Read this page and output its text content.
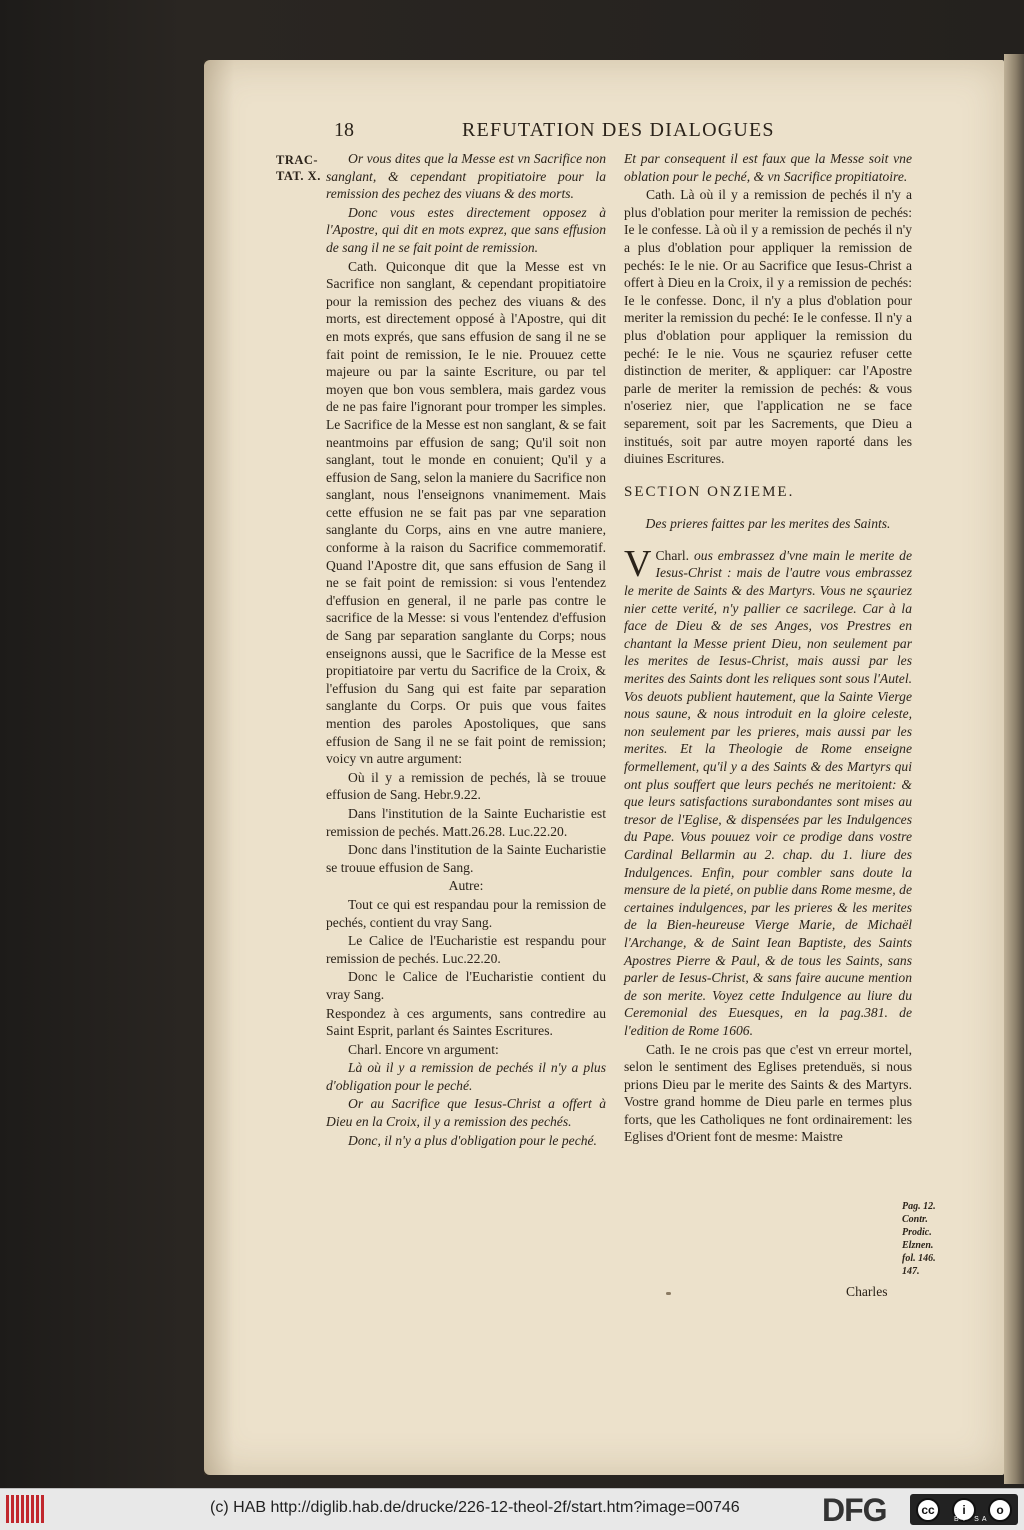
18	REFUTATION DES DIALOGUES
TRAC-
TAT. X.

Or vous dites que la Messe est vn Sacrifice non sanglant, & cependant propitiatoire pour la remission des pechez des viuans & des morts.

Donc vous estes directement opposez à l'Apostre, qui dit en mots exprez, que sans effusion de sang il ne se fait point de remission.

Cath. Quiconque dit que la Messe est vn Sacrifice non sanglant, & cependant propitiatoire pour la remission des pechez des viuans & des morts, est directement opposé à l'Apostre, qui dit en mots exprés, que sans effusion de sang il ne se fait point de remission, Ie le nie. Prouuez cette majeure ou par la sainte Escriture, ou par tel moyen que bon vous semblera, mais gardez vous de ne pas faire l'ignorant pour tromper les simples. Le Sacrifice de la Messe est non sanglant, & se fait neantmoins par effusion de sang; Qu'il soit non sanglant, tout le monde en conuient; Qu'il y a effusion de Sang, selon la maniere du Sacrifice non sanglant, nous l'enseignons vnanimement. Mais cette effusion ne se fait pas par vne separation sanglante du Corps, ains en vne autre maniere, conforme à la raison du Sacrifice commemoratif. Quand l'Apostre dit, que sans effusion de Sang il ne se fait point de remission: si vous l'entendez d'effusion en general, il ne parle pas contre le sacrifice de la Messe: si vous l'entendez d'effusion de Sang par separation sanglante du Corps; nous enseignons aussi, que le Sacrifice de la Messe est propitiatoire par vertu du Sacrifice de la Croix, & l'effusion du Sang qui est faite par separation sanglante du Corps. Or puis que vous faites mention des paroles Apostoliques, que sans effusion de Sang il ne se fait point de remission; voicy vn autre argument:

Où il y a remission de pechés, là se trouue effusion de Sang. Hebr.9.22.

Dans l'institution de la Sainte Eucharistie est remission de pechés. Matt.26.28. Luc.22.20.

Donc dans l'institution de la Sainte Eucharistie se trouue effusion de Sang.

Autre:

Tout ce qui est respandau pour la remission de pechés, contient du vray Sang.

Le Calice de l'Eucharistie est respandu pour remission de pechés. Luc.22.20.

Donc le Calice de l'Eucharistie contient du vray Sang.

Respondez à ces arguments, sans contredire au Saint Esprit, parlant és Saintes Escritures.

Charl. Encore vn argument:

Là où il y a remission de pechés il n'y a plus d'obligation pour le peché.

Or au Sacrifice que Iesus-Christ a offert à Dieu en la Croix, il y a remission des pechés.

Donc, il n'y a plus d'obligation pour le peché.

Et par consequent il est faux que la Messe soit vne oblation pour le peché, & vn Sacrifice propitiatoire.

Cath. Là où il y a remission de pechés il n'y a plus d'oblation pour meriter la remission de pechés: Ie le confesse. Là où il y a remission de pechés il n'y a plus d'oblation pour appliquer la remission de pechés: Ie le nie. Or au Sacrifice que Iesus-Christ a offert à Dieu en la Croix, il y a remission de pechés: Ie le confesse. Donc, il n'y a plus d'oblation pour meriter la remission du peché: Ie le confesse. Il n'y a plus d'oblation pour appliquer la remission du peché: Ie le nie. Vous ne sçauriez refuser cette distinction de meriter, & appliquer: car l'Apostre parle de meriter la remission de pechés: & vous n'oseriez nier, que l'application ne se face separement, soit par les Sacrements, que Dieu a institués, soit par autre moyen raporté dans les diuines Escritures.

SECTION ONZIEME.

Des prieres faittes par les merites des Saints.

Charl.
V	ous embrassez d'vne main le merite de Iesus-Christ : mais de l'autre vous embrassez le merite de Saints & des Martyrs. Vous ne sçauriez nier cette verité, n'y pallier ce sacrilege. Car à la face de Dieu & de ses Anges, vos Prestres en chantant la Messe prient Dieu, non seulement par les merites de Iesus-Christ, mais aussi par les merites des Saints dont les reliques sont sous l'Autel. Vos deuots publient hautement, que la Sainte Vierge nous saune, & nous introduit en la gloire celeste, non seulement par les prieres, mais aussi par les merites. Et la Theologie de Rome enseigne formellement, qu'il y a des Saints & des Martyrs qui ont plus souffert que leurs pechés ne meritoient: & que leurs satisfactions surabondantes sont mises au tresor de l'Eglise, & dispensées par les Indulgences du Pape. Vous pouuez voir ce prodige dans vostre Cardinal Bellarmin au 2. chap. du 1. liure des Indulgences. Enfin, pour combler sans doute la mensure de la pieté, on publie dans Rome mesme, de certaines indulgences, par les prieres & les merites de la Bien-heureuse Vierge Marie, de Michaël l'Archange, & de Saint Iean Baptiste, des Saints Apostres Pierre & Paul, & de tous les Saints, sans parler de Iesus-Christ, & sans faire aucune mention de son merite. Voyez cette Indulgence au liure du Ceremonial des Euesques, en la pag.381. de l'edition de Rome 1606.

Cath. Ie ne crois pas que c'est vn erreur mortel, selon le sentiment des Eglises pretenduës, si nous prions Dieu par le merite des Saints & des Martyrs. Vostre grand homme de Dieu parle en termes plus forts, que les Catholiques ne font ordinairement: les Eglises d'Orient font de mesme: Maistre

Pag. 12.
Contr.
Prodic.
Elznen.
fol. 146.
147.
Charles
(c) HAB http://diglib.hab.de/drucke/226-12-theol-2f/start.htm?image=00746	DFG	cc	i	o
BY SA
